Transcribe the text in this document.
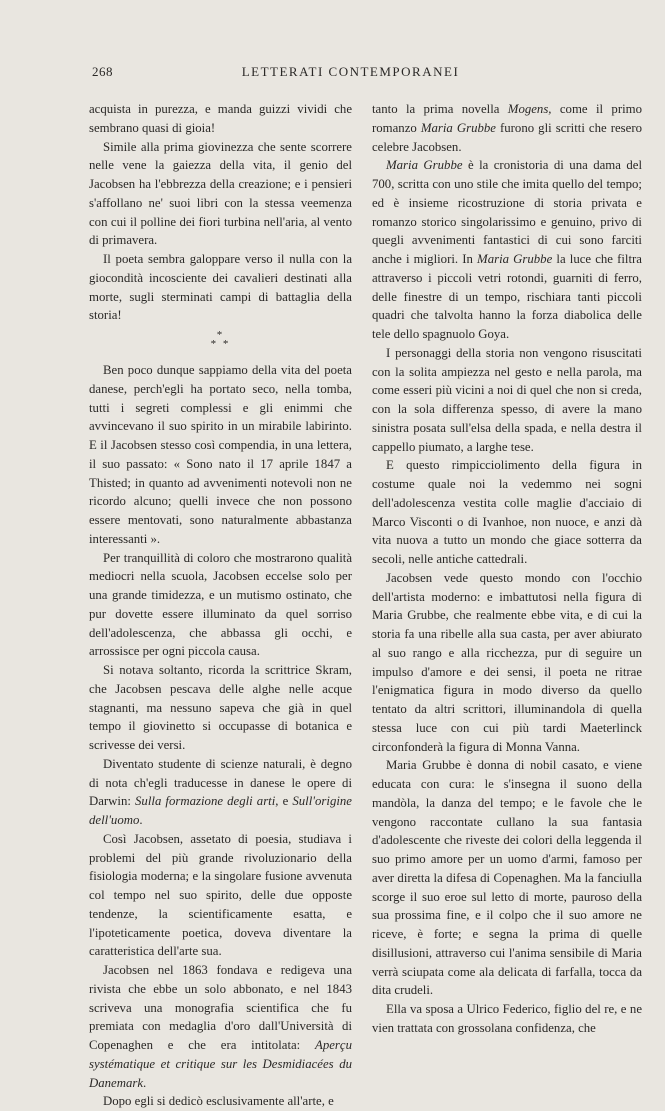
268	LETTERATI CONTEMPORANEI

acquista in purezza, e manda guizzi vividi che sembrano quasi di gioia!

Simile alla prima giovinezza che sente scorrere nelle vene la gaiezza della vita, il genio del Jacobsen ha l'ebbrezza della creazione; e i pensieri s'affollano ne' suoi libri con la stessa veemenza con cui il polline dei fiori turbina nell'aria, al vento di primavera.

Il poeta sembra galoppare verso il nulla con la giocondità incosciente dei cavalieri destinati alla morte, sugli sterminati campi di battaglia della storia!

*
* *

Ben poco dunque sappiamo della vita del poeta danese, perch'egli ha portato seco, nella tomba, tutti i segreti complessi e gli enimmi che avvincevano il suo spirito in un mirabile labirinto. E il Jacobsen stesso così compendia, in una lettera, il suo passato: « Sono nato il 17 aprile 1847 a Thisted; in quanto ad avvenimenti notevoli non ne ricordo alcuno; quelli invece che non possono essere mentovati, sono naturalmente abbastanza interessanti ».

Per tranquillità di coloro che mostrarono qualità mediocri nella scuola, Jacobsen eccelse solo per una grande timidezza, e un mutismo ostinato, che pur dovette essere illuminato da quel sorriso dell'adolescenza, che abbassa gli occhi, e arrossisce per ogni piccola causa.

Si notava soltanto, ricorda la scrittrice Skram, che Jacobsen pescava delle alghe nelle acque stagnanti, ma nessuno sapeva che già in quel tempo il giovinetto si occupasse di botanica e scrivesse dei versi.

Diventato studente di scienze naturali, è degno di nota ch'egli traducesse in danese le opere di Darwin: Sulla formazione degli arti, e Sull'origine dell'uomo.

Così Jacobsen, assetato di poesia, studiava i problemi del più grande rivoluzionario della fisiologia moderna; e la singolare fusione avvenuta col tempo nel suo spirito, delle due opposte tendenze, la scientificamente esatta, e l'ipoteticamente poetica, doveva diventare la caratteristica dell'arte sua.

Jacobsen nel 1863 fondava e redigeva una rivista che ebbe un solo abbonato, e nel 1843 scriveva una monografia scientifica che fu premiata con medaglia d'oro dall'Università di Copenaghen e che era intitolata: Aperçu systématique et critique sur les Desmidiacées du Danemark.

Dopo egli si dedicò esclusivamente all'arte, e

tanto la prima novella Mogens, come il primo romanzo Maria Grubbe furono gli scritti che resero celebre Jacobsen.

Maria Grubbe è la cronistoria di una dama del 700, scritta con uno stile che imita quello del tempo; ed è insieme ricostruzione di storia privata e romanzo storico singolarissimo e genuino, privo di quegli avvenimenti fantastici di cui sono farciti anche i migliori. In Maria Grubbe la luce che filtra attraverso i piccoli vetri rotondi, guarniti di ferro, delle finestre di un tempo, rischiara tanti piccoli quadri che talvolta hanno la forza diabolica delle tele dello spagnuolo Goya.

I personaggi della storia non vengono risuscitati con la solita ampiezza nel gesto e nella parola, ma come esseri più vicini a noi di quel che non si creda, con la sola differenza spesso, di avere la mano sinistra posata sull'elsa della spada, e nella destra il cappello piumato, a larghe tese.

E questo rimpicciolimento della figura in costume quale noi la vedemmo nei sogni dell'adolescenza vestita colle maglie d'acciaio di Marco Visconti o di Ivanhoe, non nuoce, e anzi dà vita nuova a tutto un mondo che giace sotterra da secoli, nelle antiche cattedrali.

Jacobsen vede questo mondo con l'occhio dell'artista moderno: e imbattutosi nella figura di Maria Grubbe, che realmente ebbe vita, e di cui la storia fa una ribelle alla sua casta, per aver abiurato al suo rango e alla ricchezza, pur di seguire un impulso d'amore e dei sensi, il poeta ne ritrae l'enigmatica figura in modo diverso da quello tentato da altri scrittori, illuminandola di quella stessa luce con cui più tardi Maeterlinck circonfonderà la figura di Monna Vanna.

Maria Grubbe è donna di nobil casato, e viene educata con cura: le s'insegna il suono della mandòla, la danza del tempo; e le favole che le vengono raccontate cullano la sua fantasia d'adolescente che riveste dei colori della leggenda il suo primo amore per un uomo d'armi, famoso per aver diretta la difesa di Copenaghen. Ma la fanciulla scorge il suo eroe sul letto di morte, pauroso della sua prossima fine, e il colpo che il suo amore ne riceve, è forte; e segna la prima di quelle disillusioni, attraverso cui l'anima sensibile di Maria verrà sciupata come ala delicata di farfalla, tocca da dita crudeli.

Ella va sposa a Ulrico Federico, figlio del re, e ne vien trattata con grossolana confidenza, che
